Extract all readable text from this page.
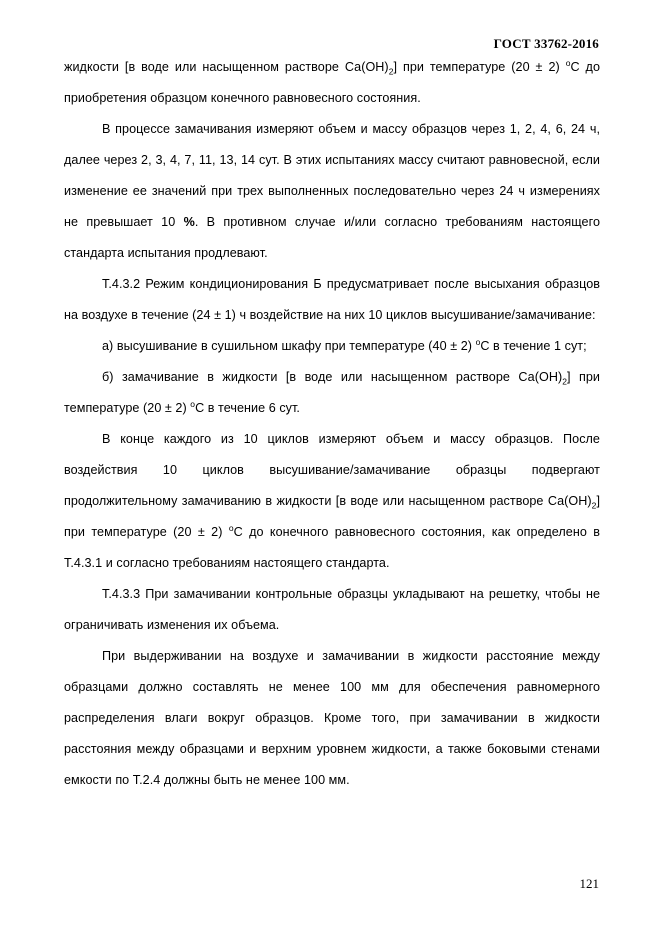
ГОСТ 33762-2016

жидкости [в воде или насыщенном растворе $Са(ОН)_2$] при температуре (20 ± 2) $^о$С до приобретения образцом конечного равновесного состояния.

В процессе замачивания измеряют объем и массу образцов через 1, 2, 4, 6, 24 ч, далее через 2, 3, 4, 7, 11, 13, 14 сут. В этих испытаниях массу считают равновесной, если изменение ее значений при трех выполненных последовательно через 24 ч измерениях не превышает 10 %. В противном случае и/или согласно требованиям настоящего стандарта испытания продлевают.

Т.4.3.2 Режим кондиционирования Б предусматривает после высыхания образцов на воздухе в течение (24 ± 1) ч воздействие на них 10 циклов высушивание/замачивание:

а) высушивание в сушильном шкафу при температуре (40 ± 2) $^о$С в течение 1 сут;

б) замачивание в жидкости [в воде или насыщенном растворе $Са(ОН)_2$] при температуре (20 ± 2) $^о$С в течение 6 сут.

В конце каждого из 10 циклов измеряют объем и массу образцов. После воздействия 10 циклов высушивание/замачивание образцы подвергают продолжительному замачиванию в жидкости [в воде или насыщенном растворе $Са(ОН)_2$] при температуре (20 ± 2) $^о$С до конечного равновесного состояния, как определено в Т.4.3.1 и согласно требованиям настоящего стандарта.

Т.4.3.3 При замачивании контрольные образцы укладывают на решетку, чтобы не ограничивать изменения их объема.

При выдерживании на воздухе и замачивании в жидкости расстояние между образцами должно составлять не менее 100 мм для обеспечения равномерного распределения влаги вокруг образцов. Кроме того, при замачивании в жидкости расстояния между образцами и верхним уровнем жидкости, а также боковыми стенами емкости по Т.2.4 должны быть не менее 100 мм.

121
